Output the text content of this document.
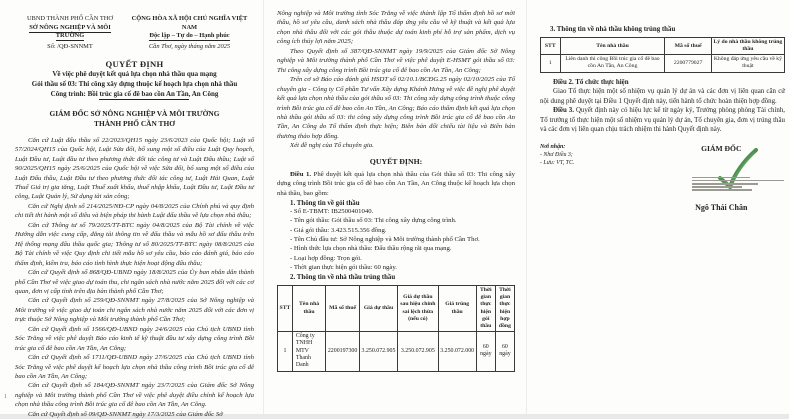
UBND THÀNH PHỐ CẦN THƠ
SỞ NÔNG NGHIỆP VÀ MÔI TRƯỜNG
Số: /QĐ-SNNMT
CỘNG HÒA XÃ HỘI CHỦ NGHĨA VIỆT NAM
Độc lập – Tự do – Hạnh phúc
Cần Thơ, ngày tháng năm 2025
QUYẾT ĐỊNH
Về việc phê duyệt kết quả lựa chọn nhà thầu qua mạng
Gói thầu số 03: Thi công xây dựng thuộc kế hoạch lựa chọn nhà thầu
Công trình: Bồi trúc gia cố đê bao cồn An Tần, An Công
GIÁM ĐỐC SỞ NÔNG NGHIỆP VÀ MÔI TRƯỜNG
THÀNH PHỐ CẦN THƠ

Căn cứ Luật đấu thầu số 22/2023/QH15 ngày 23/6/2023 của Quốc hội; Luật số 57/2024/QH15 của Quốc hội, Luật Sửa đổi, bổ sung một số điều của Luật Quy hoạch, Luật Đầu tư, Luật đầu tư theo phương thức đối tác công tư và Luật Đấu thầu; Luật số 90/2025/QH15 ngày 25/6/2025 của Quốc hội về việc Sửa đổi, bổ sung một số điều của Luật Đấu thầu, Luật Đầu tư theo phương thức đối tác công tư, Luật Hải Quan, Luật Thuế Giá trị gia tăng, Luật Thuế xuất khẩu, thuế nhập khẩu, Luật Đầu tư, Luật Đầu tư công, Luật Quản lý, Sử dụng tài sản công;

Căn cứ Nghị định số 214/2025/NĐ-CP ngày 04/8/2025 của Chính phủ và quy định chi tiết thi hành một số điều và biện pháp thi hành Luật đấu thầu về lựa chọn nhà thầu;

Căn cứ Thông tư số 79/2025/TT-BTC ngày 04/8/2025 của Bộ Tài chính về việc Hướng dẫn việc cung cấp, đăng tải thông tin về đấu thầu và mẫu hồ sơ đấu thầu trên Hệ thống mạng đấu thầu quốc gia; Thông tư số 80/2025/TT-BTC ngày 08/8/2025 của Bộ Tài chính về việc Quy định chi tiết mẫu hồ sơ yêu cầu, báo cáo đánh giá, báo cáo thẩm định, kiểm tra, báo cáo tình hình thực hiện hoạt động đấu thầu;

Căn cứ Quyết định số 868/QĐ-UBND ngày 18/8/2025 của Ủy ban nhân dân thành phố Cần Thơ về việc giao dự toán thu, chi ngân sách nhà nước năm 2025 đối với các cơ quan, đơn vị cấp tỉnh trên địa bàn thành phố Cần Thơ;

Căn cứ Quyết định số 259/QĐ-SNNMT ngày 27/8/2025 của Sở Nông nghiệp và Môi trường về việc giao dự toán chi ngân sách nhà nước năm 2025 đối với các đơn vị trực thuộc Sở Nông nghiệp và Môi trường thành phố Cần Thơ;

Căn cứ Quyết định số 1566/QĐ-UBND ngày 24/6/2025 của Chủ tịch UBND tỉnh Sóc Trăng về việc phê duyệt Báo cáo kinh tế kỹ thuật đầu tư xây dựng công trình Bồi trúc gia cố đê bao cồn An Tần, An Công;

Căn cứ Quyết định số 1711/QĐ-UBND ngày 27/6/2025 của Chủ tịch UBND tỉnh Sóc Trăng về việc phê duyệt kế hoạch lựa chọn nhà thầu công trình Bồi trúc gia cố đê bao cồn An Tần, An Công;

Căn cứ Quyết định số 184/QĐ-SNNMT ngày 23/7/2025 của Giám đốc Sở Nông nghiệp và Môi trường thành phố Cần Thơ về việc phê duyệt điều chỉnh kế hoạch lựa chọn nhà thầu công trình Bồi trúc gia cố đê bao cồn An Tần, An Công.

Căn cứ Quyết định số 09/QĐ-SNNMT ngày 17/3/2025 của Giám đốc Sở

1

Nông nghiệp và Môi trường tỉnh Sóc Trăng về việc thành lập Tổ thẩm định hồ sơ mời thầu, hồ sơ yêu cầu, danh sách nhà thầu đáp ứng yêu cầu về kỹ thuật và kết quả lựa chọn nhà thầu đối với các gói thầu thuộc dự toán kinh phí hỗ trợ sản phẩm, dịch vụ công ích thủy lợi năm 2025;

Theo Quyết định số 387/QĐ-SNNMT ngày 19/9/2025 của Giám đốc Sở Nông nghiệp và Môi trường thành phố Cần Thơ về việc phê duyệt E-HSMT gói thầu số 03: Thi công xây dựng công trình Bồi trúc gia cố đê bao cồn An Tần, An Công;

Trên cơ sở Báo cáo đánh giá HSDT số 02/10.1/BCĐG.25 ngày 02/10/2025 của Tổ chuyên gia - Công ty Cổ phần Tư vấn Xây dựng Khánh Hưng về việc đề nghị phê duyệt kết quả lựa chọn nhà thầu của gói thầu số 03: Thi công xây dựng công trình thuộc công trình Bồi trúc gia cố đê bao cồn An Tần, An Công; Báo cáo thẩm định kết quả lựa chọn nhà thầu gói thầu số 03: thi công xây dựng công trình Bồi trúc gia cố đê bao cồn An Tần, An Công do Tổ thẩm định thực hiện; Biên bản đối chiếu tài liệu và Biên bản thương thảo hợp đồng.

Xét đề nghị của Tổ chuyên gia.

QUYẾT ĐỊNH:

Điều 1. Phê duyệt kết quả lựa chọn nhà thầu của Gói thầu số 03: Thi công xây dựng công trình Bồi trúc gia cố đê bao cồn An Tần, An Công thuộc kế hoạch lựa chọn nhà thầu, bao gồm:

1. Thông tin về gói thầu
- Số E-TBMT: IB2500401040.
- Tên gói thầu: Gói thầu số 03: Thi công xây dựng công trình.
- Giá gói thầu: 3.423.515.356 đồng.
- Tên Chủ đầu tư: Sở Nông nghiệp và Môi trường thành phố Cần Thơ.
- Hình thức lựa chọn nhà thầu: Đấu thầu rộng rãi qua mạng.
- Loại hợp đồng: Trọn gói.
- Thời gian thực hiện gói thầu: 60 ngày.
2. Thông tin về nhà thầu trúng thầu
STT	Tên nhà thầu	Mã số thuế	Giá dự thầu	Giá dự thầu sau hiệu chỉnh sai lệch thừa (nếu có)	Giá trúng thầu	Thời gian thực hiện gói thầu	Thời gian thực hiện hợp đồng
1	Công ty TNHH MTV Thanh Danh	2200197300	3.250.072.905	3.250.072.905	3.250.072.000	60 ngày	60 ngày
3. Thông tin về nhà thầu không trúng thầu
STT	Tên nhà thầu	Mã số thuế	Lý do nhà thầu không trúng thầu
1	Liên danh thi công Bồi trúc gia cố đê bao cồn An Tần, An Công	2200779027	Không đáp ứng yêu cầu về kỹ thuật

Điều 2. Tổ chức thực hiện

Giao Tổ thực hiện một số nhiệm vụ quản lý dự án và các đơn vị liên quan căn cứ nội dung phê duyệt tại Điều 1 Quyết định này, tiến hành tổ chức hoàn thiện hợp đồng.

Điều 3. Quyết định này có hiệu lực kể từ ngày ký, Trưởng phòng phòng Tài chính, Tổ trưởng tổ thực hiện một số nhiệm vụ quản lý dự án, Tổ chuyên gia, đơn vị trúng thầu và các đơn vị liên quan chịu trách nhiệm thi hành Quyết định này.

Nơi nhận:
- Như Điều 3;
- Lưu: VT, TC.
GIÁM ĐỐC
Ngô Thái Chân
